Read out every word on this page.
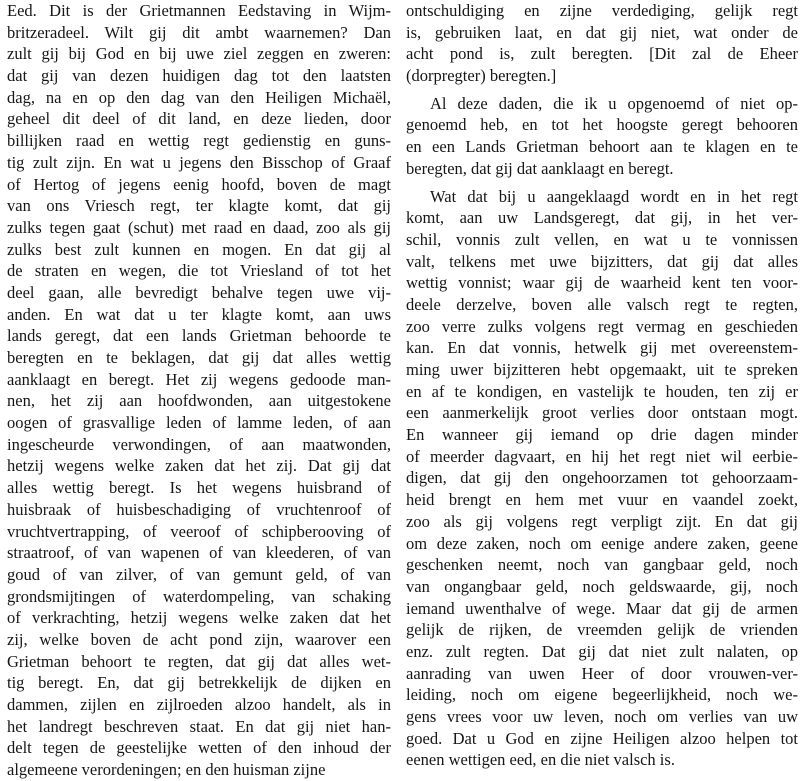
Eed. Dit is der Grietmannen Eedstaving in Wijm-
britzeradeel. Wilt gij dit ambt waarnemen? Dan
zult gij bij God en bij uwe ziel zeggen en zweren:
dat gij van dezen huidigen dag tot den laatsten
dag, na en op den dag van den Heiligen Michaël,
geheel dit deel of dit land, en deze lieden, door
billijken raad en wettig regt gedienstig en guns-
tig zult zijn. En wat u jegens den Bisschop of Graaf
of Hertog of jegens eenig hoofd, boven de magt
van ons Vriesch regt, ter klagte komt, dat gij
zulks tegen gaat (schut) met raad en daad, zoo als gij
zulks best zult kunnen en mogen. En dat gij al
de straten en wegen, die tot Vriesland of tot het
deel gaan, alle bevredigt behalve tegen uwe vij-
anden. En wat dat u ter klagte komt, aan uws
lands geregt, dat een lands Grietman behoorde te
beregten en te beklagen, dat gij dat alles wettig
aanklaagt en beregt. Het zij wegens gedoode man-
nen, het zij aan hoofdwonden, aan uitgestokene
oogen of grasvallige leden of lamme leden, of aan
ingescheurde verwondingen, of aan maatwonden,
hetzij wegens welke zaken dat het zij. Dat gij dat
alles wettig beregt. Is het wegens huisbrand of
huisbraak of huisbeschadiging of vruchtenroof of
vruchtvertrapping, of veeroof of schipberooving of
straatroof, of van wapenen of van kleederen, of van
goud of van zilver, of van gemunt geld, of van
grondsmijtingen of waterdompeling, van schaking
of verkrachting, hetzij wegens welke zaken dat het
zij, welke boven de acht pond zijn, waarover een
Grietman behoort te regten, dat gij dat alles wet-
tig beregt. En, dat gij betrekkelijk de dijken en
dammen, zijlen en zijlroeden alzoo handelt, als in
het landregt beschreven staat. En dat gij niet han-
delt tegen de geestelijke wetten of den inhoud der
algemeene verordeningen; en den huisman zijne

ontschuldiging en zijne verdediging, gelijk regt
is, gebruiken laat, en dat gij niet, wat onder de
acht pond is, zult beregten. [Dit zal de Eheer
(dorpregter) beregten.]

Al deze daden, die ik u opgenoemd of niet op-
genoemd heb, en tot het hoogste geregt behooren
en een Lands Grietman behoort aan te klagen en te
beregten, dat gij dat aanklaagt en beregt.

Wat dat bij u aangeklaagd wordt en in het regt
komt, aan uw Landsgeregt, dat gij, in het ver-
schil, vonnis zult vellen, en wat u te vonnissen
valt, telkens met uwe bijzitters, dat gij dat alles
wettig vonnist; waar gij de waarheid kent ten voor-
deele derzelve, boven alle valsch regt te regten,
zoo verre zulks volgens regt vermag en geschieden
kan. En dat vonnis, hetwelk gij met overeenstem-
ming uwer bijzitteren hebt opgemaakt, uit te spreken
en af te kondigen, en vastelijk te houden, ten zij er
een aanmerkelijk groot verlies door ontstaan mogt.
En wanneer gij iemand op drie dagen minder
of meerder dagvaart, en hij het regt niet wil eerbie-
digen, dat gij den ongehoorzamen tot gehoorzaam-
heid brengt en hem met vuur en vaandel zoekt,
zoo als gij volgens regt verpligt zijt. En dat gij
om deze zaken, noch om eenige andere zaken, geene
geschenken neemt, noch van gangbaar geld, noch
van ongangbaar geld, noch geldswaarde, gij, noch
iemand uwenthalve of wege. Maar dat gij de armen
gelijk de rijken, de vreemden gelijk de vrienden
enz. zult regten. Dat gij dat niet zult nalaten, op
aanrading van uwen Heer of door vrouwen-ver-
leiding, noch om eigene begeerlijkheid, noch we-
gens vrees voor uw leven, noch om verlies van uw
goed. Dat u God en zijne Heiligen alzoo helpen tot
eenen wettigen eed, en die niet valsch is.
